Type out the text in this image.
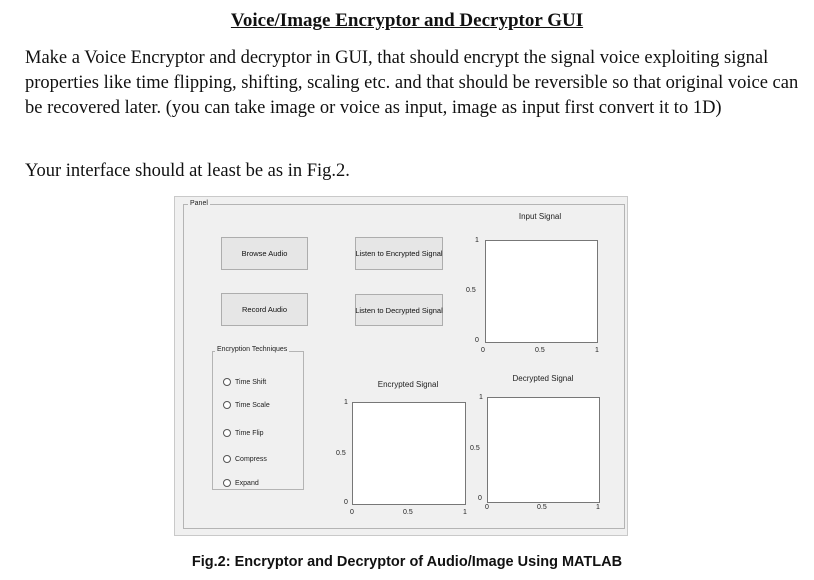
Voice/Image Encryptor and Decryptor GUI
Make a Voice Encryptor and decryptor in GUI, that should encrypt the signal voice exploiting signal properties like time flipping, shifting, scaling etc. and that should be reversible so that original voice can be recovered later. (you can take image or voice as input, image as input first convert it to 1D)
Your interface should at least be as in Fig.2.
Panel
Browse Audio
Record Audio
Listen to Encrypted Signal
Listen to Decrypted Signal
Encryption Techniques
Time Shift
Time Scale
Time Flip
Compress
Expand
Input Signal
1
0.5
0
0	0.5	1
Encrypted Signal
1
0.5
0
0	0.5	1
Decrypted Signal
1
0.5
0
0	0.5	1
Fig.2: Encryptor and Decryptor of Audio/Image Using MATLAB
